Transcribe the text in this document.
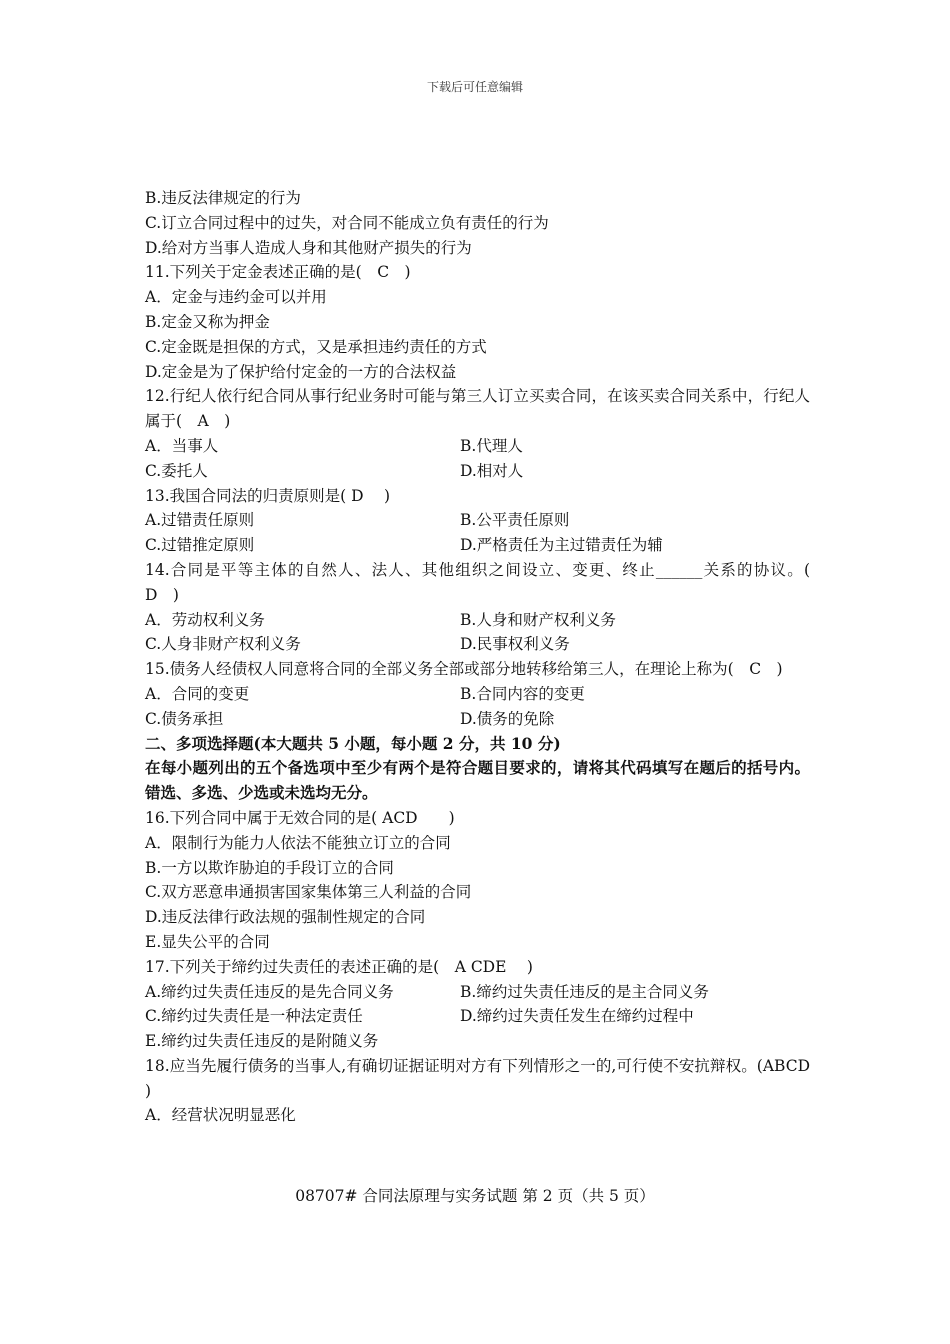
下载后可任意编辑
B.违反法律规定的行为
C.订立合同过程中的过失，对合同不能成立负有责任的行为
D.给对方当事人造成人身和其他财产损失的行为
11.下列关于定金表述正确的是(　C　)
A．定金与违约金可以并用
B.定金又称为押金
C.定金既是担保的方式，又是承担违约责任的方式
D.定金是为了保护给付定金的一方的合法权益
12.行纪人依行纪合同从事行纪业务时可能与第三人订立买卖合同，在该买卖合同关系中，行纪人属于(　A　)
A．当事人	B.代理人
C.委托人	D.相对人
13.我国合同法的归责原则是( D　 )
A.过错责任原则	B.公平责任原则
C.过错推定原则	D.严格责任为主过错责任为辅
14.合同是平等主体的自然人、法人、其他组织之间设立、变更、终止______关系的协议。(　D　)
A．劳动权利义务	B.人身和财产权利义务
C.人身非财产权利义务	D.民事权利义务
15.债务人经债权人同意将合同的全部义务全部或部分地转移给第三人，在理论上称为(　C　)
A．合同的变更	B.合同内容的变更
C.债务承担	D.债务的免除
二、多项选择题(本大题共 5 小题，每小题 2 分，共 10 分)
在每小题列出的五个备选项中至少有两个是符合题目要求的，请将其代码填写在题后的括号内。错选、多选、少选或未选均无分。
16.下列合同中属于无效合同的是( ACD　　)
A．限制行为能力人依法不能独立订立的合同
B.一方以欺诈胁迫的手段订立的合同
C.双方恶意串通损害国家集体第三人利益的合同
D.违反法律行政法规的强制性规定的合同
E.显失公平的合同
17.下列关于缔约过失责任的表述正确的是(　A CDE　 )
A.缔约过失责任违反的是先合同义务	B.缔约过失责任违反的是主合同义务
C.缔约过失责任是一种法定责任	D.缔约过失责任发生在缔约过程中
E.缔约过失责任违反的是附随义务
18.应当先履行债务的当事人,有确切证据证明对方有下列情形之一的,可行使不安抗辩权。(ABCD　 )
A．经营状况明显恶化
08707# 合同法原理与实务试题 第 2 页（共 5 页）
